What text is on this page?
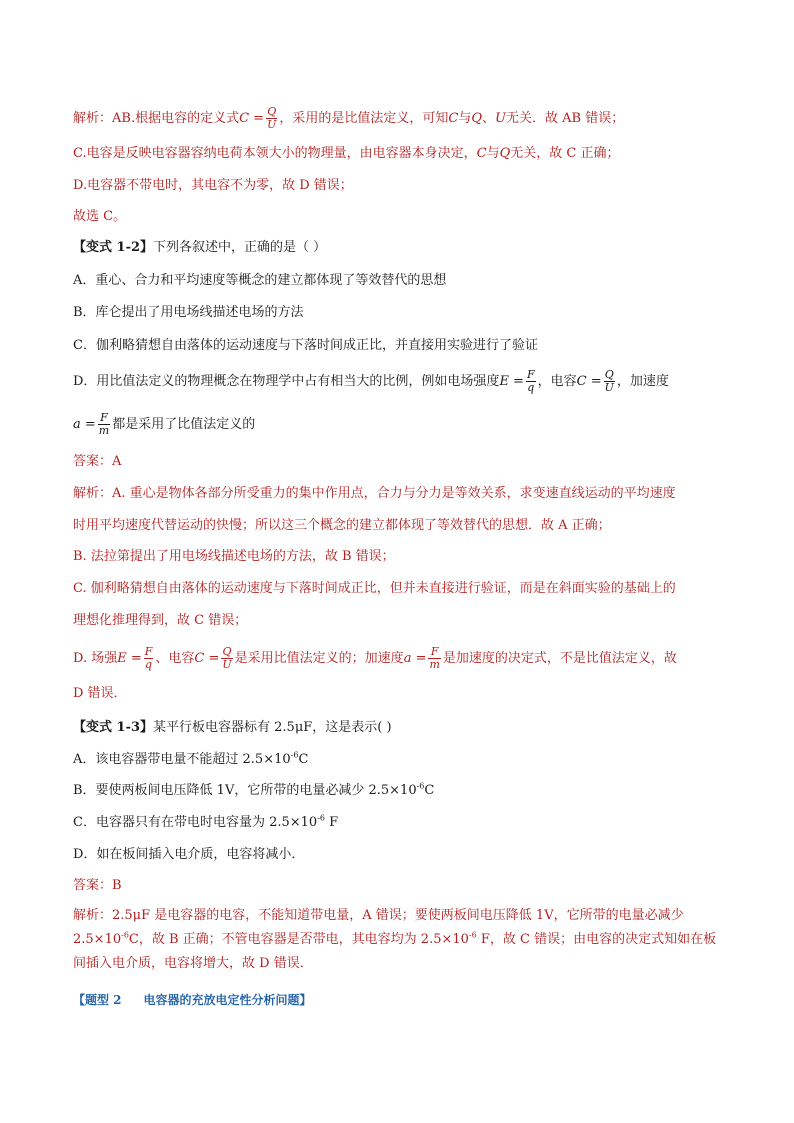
解析：AB.根据电容的定义式$C = \frac{Q}{U}$ ，采用的是比值法定义，可知C与Q、U无关．故 AB 错误；
C.电容是反映电容器容纳电荷本领大小的物理量，由电容器本身决定，C与Q无关，故 C 正确；
D.电容器不带电时，其电容不为零，故 D 错误；
故选 C。
【变式 1-2】下列各叙述中，正确的是（ ）
A．重心、合力和平均速度等概念的建立都体现了等效替代的思想
B．库仑提出了用电场线描述电场的方法
C．伽利略猜想自由落体的运动速度与下落时间成正比，并直接用实验进行了验证
D．用比值法定义的物理概念在物理学中占有相当大的比例，例如电场强度$E = \frac{F}{q}$ ，电容$C = \frac{Q}{U}$ ，加速度
$a = \frac{F}{m}$ 都是采用了比值法定义的
答案：A
解析：A. 重心是物体各部分所受重力的集中作用点，合力与分力是等效关系，求变速直线运动的平均速度
时用平均速度代替运动的快慢；所以这三个概念的建立都体现了等效替代的思想．故 A 正确；
B. 法拉第提出了用电场线描述电场的方法，故 B 错误；
C. 伽利略猜想自由落体的运动速度与下落时间成正比，但并未直接进行验证，而是在斜面实验的基础上的
理想化推理得到，故 C 错误；
D. 场强$E = \frac{F}{q}$ 、电容$C = \frac{Q}{U}$ 是采用比值法定义的；加速度$a = \frac{F}{m}$ 是加速度的决定式，不是比值法定义，故
D 错误．
【变式 1-3】某平行板电容器标有 2.5μF，这是表示( )
A．该电容器带电量不能超过 $2.5\times 10^{-6}C$
B．要使两板间电压降低 1V，它所带的电量必减少 $2.5\times 10^{-6}C$
C．电容器只有在带电时电容量为 $2.5\times 10^{-6}$ F
D．如在板间插入电介质，电容将减小．
答案：B
解析：2.5μF 是电容器的电容，不能知道带电量，A 错误；要使两板间电压降低 1V，它所带的电量必减少
$2.5\times 10^{-6}C$，故 B 正确；不管电容器是否带电，其电容均为 $2.5\times 10^{-6}$ F，故 C 错误；由电容的决定式知如在板
间插入电介质，电容将增大，故 D 错误．
【题型 2 电容器的充放电定性分析问题】
